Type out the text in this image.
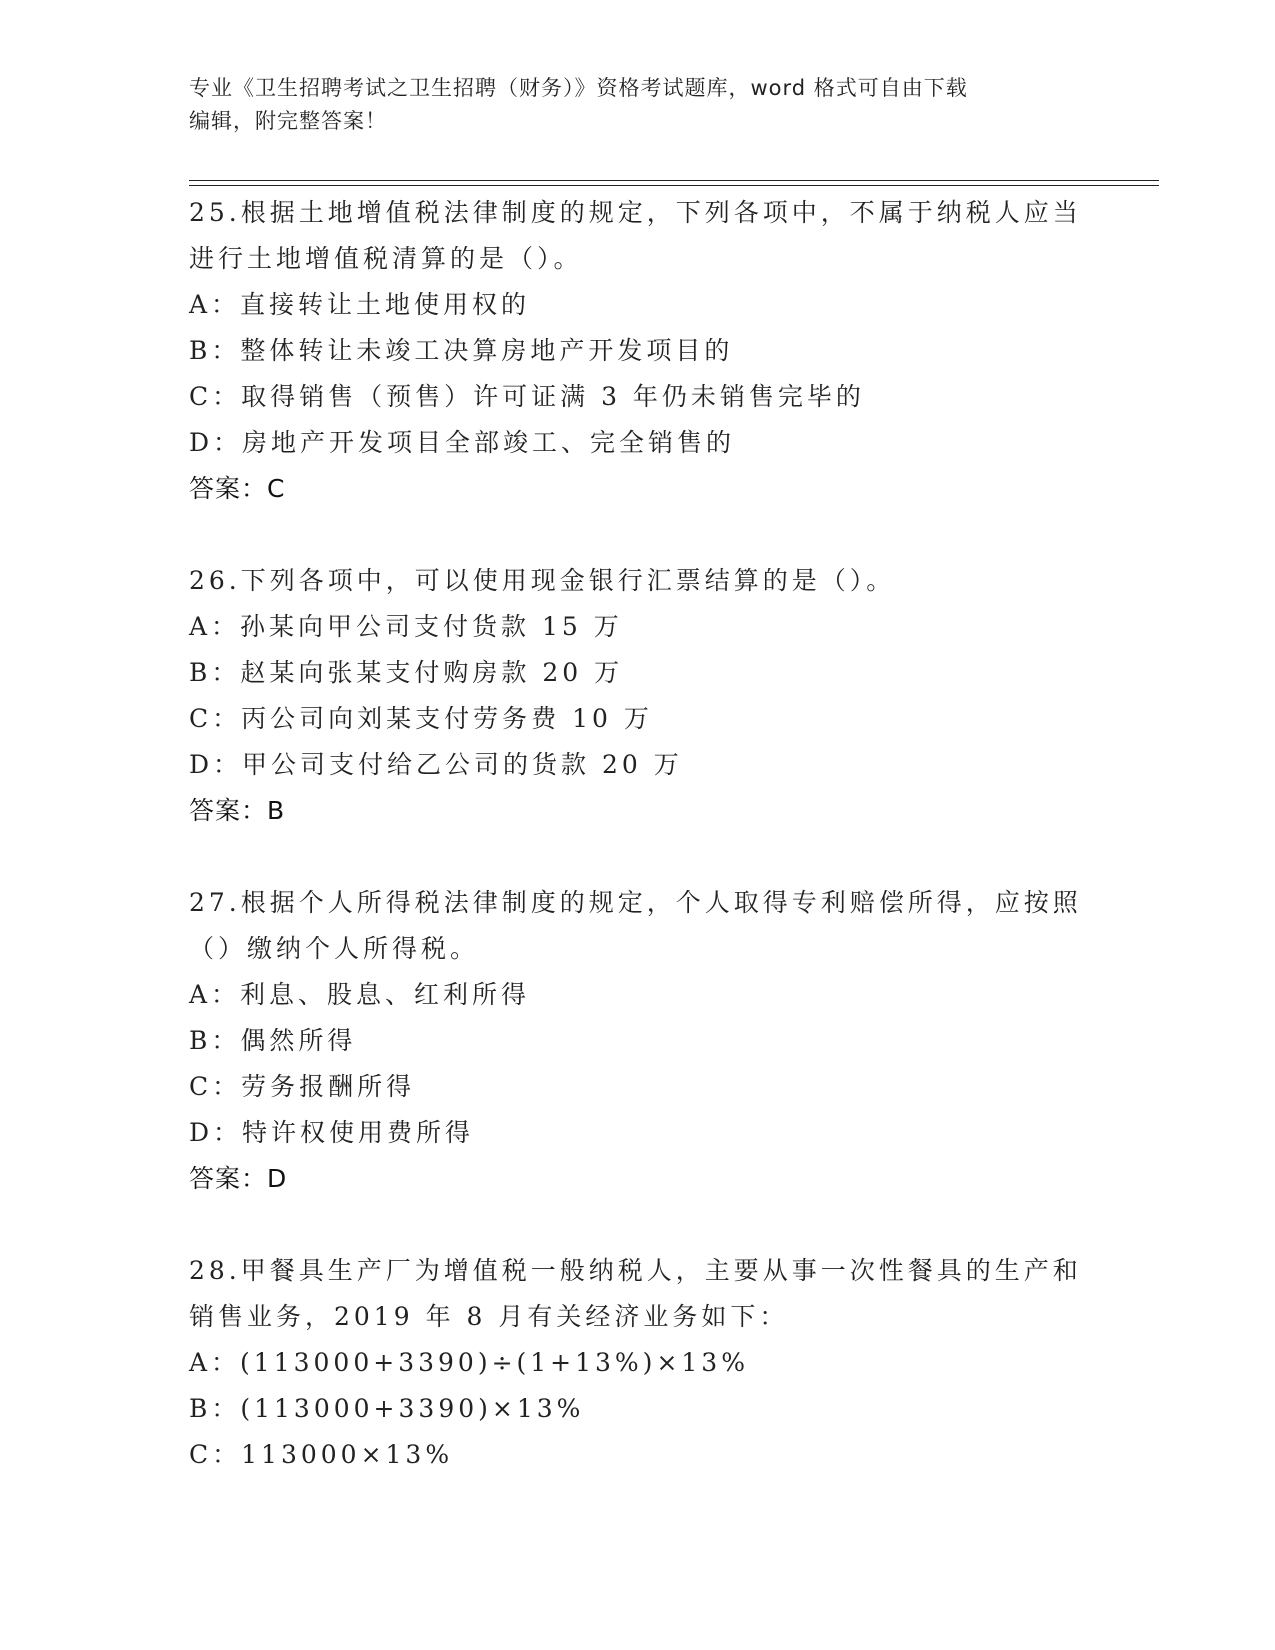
专业《卫生招聘考试之卫生招聘（财务）》资格考试题库，word 格式可自由下载
编辑，附完整答案！
25.根据土地增值税法律制度的规定，下列各项中，不属于纳税人应当
进行土地增值税清算的是（）。
A：直接转让土地使用权的
B：整体转让未竣工决算房地产开发项目的
C：取得销售（预售）许可证满 3 年仍未销售完毕的
D：房地产开发项目全部竣工、完全销售的
答案：C
26.下列各项中，可以使用现金银行汇票结算的是（）。
A：孙某向甲公司支付货款 15 万
B：赵某向张某支付购房款 20 万
C：丙公司向刘某支付劳务费 10 万
D：甲公司支付给乙公司的货款 20 万
答案：B
27.根据个人所得税法律制度的规定，个人取得专利赔偿所得，应按照
（）缴纳个人所得税。
A：利息、股息、红利所得
B：偶然所得
C：劳务报酬所得
D：特许权使用费所得
答案：D
28.甲餐具生产厂为增值税一般纳税人，主要从事一次性餐具的生产和
销售业务，2019 年 8 月有关经济业务如下：
A：(113000+3390)÷(1+13%)×13%
B：(113000+3390)×13%
C：113000×13%
